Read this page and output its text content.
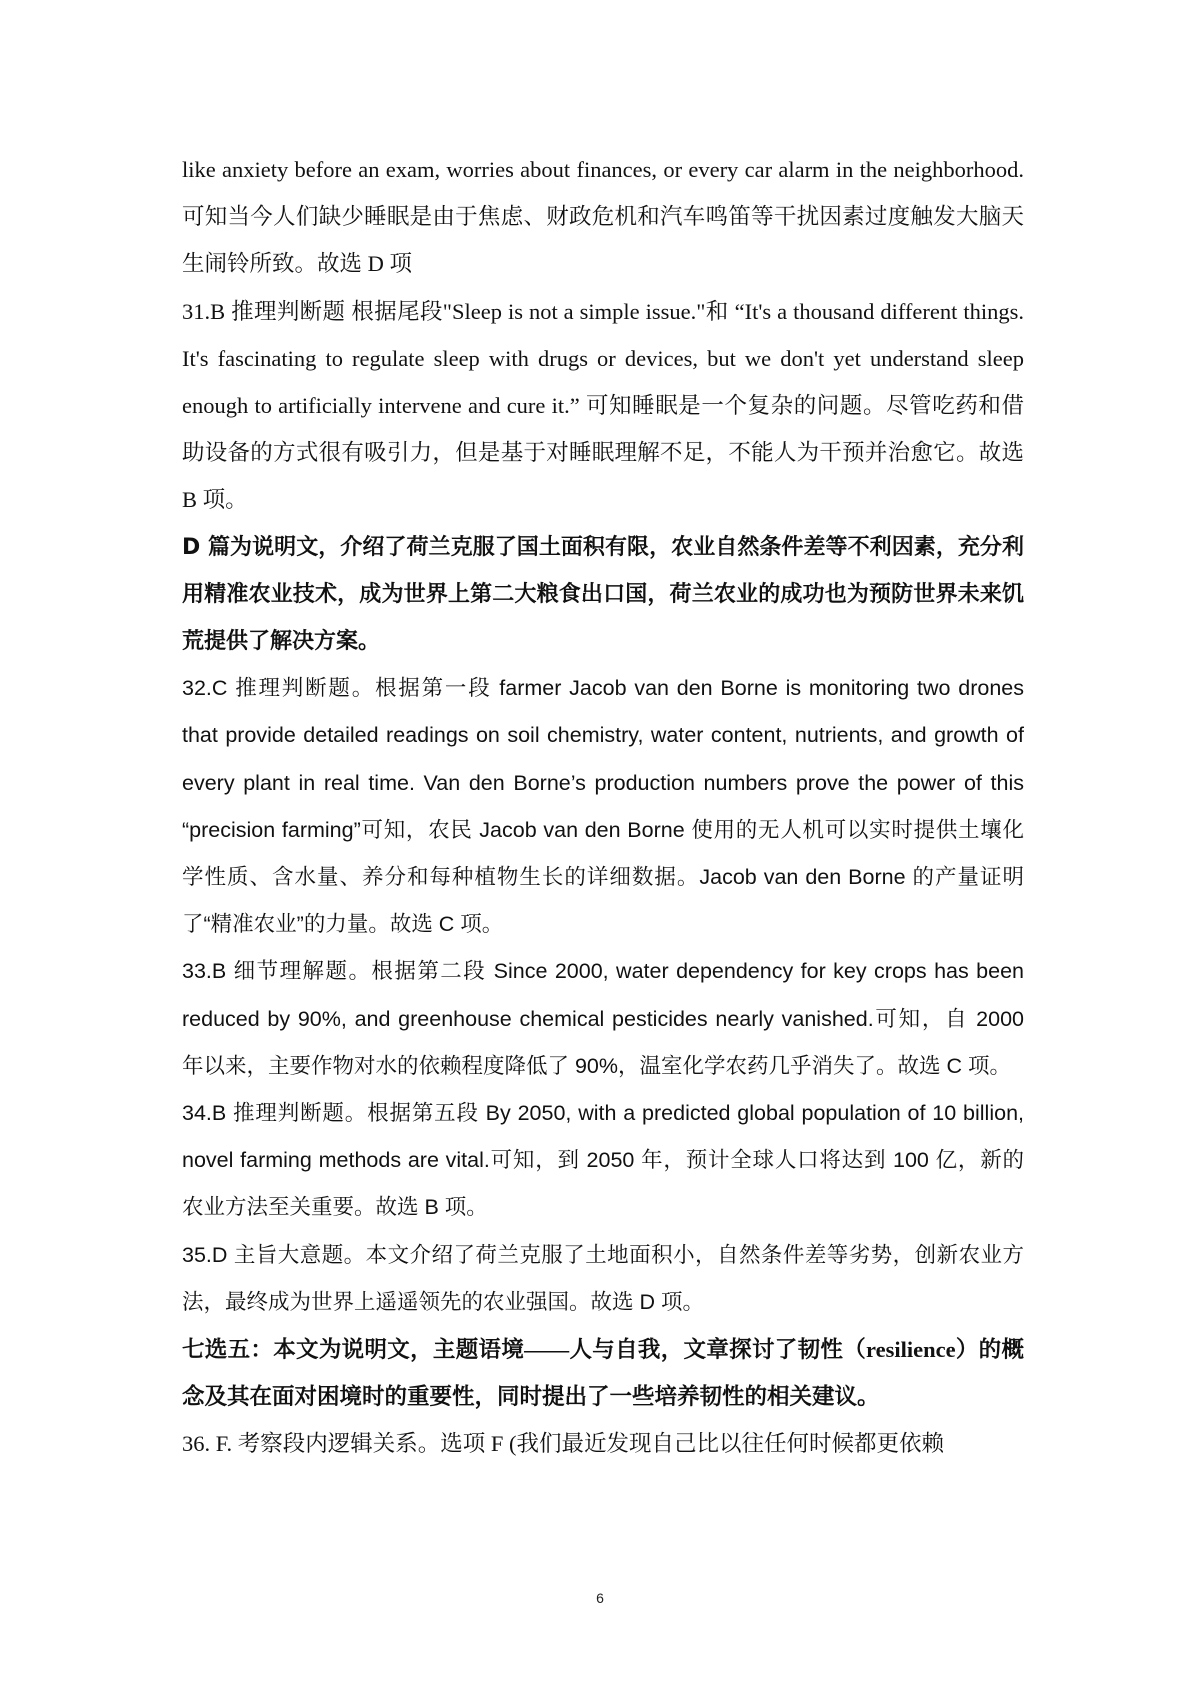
like anxiety before an exam, worries about finances, or every car alarm in the neighborhood.可知当今人们缺少睡眠是由于焦虑、财政危机和汽车鸣笛等干扰因素过度触发大脑天生闹铃所致。故选 D 项

31.B 推理判断题 根据尾段"Sleep is not a simple issue."和 “It's a thousand different things. It's fascinating to regulate sleep with drugs or devices, but we don't yet understand sleep enough to artificially intervene and cure it.” 可知睡眠是一个复杂的问题。尽管吃药和借助设备的方式很有吸引力，但是基于对睡眠理解不足，不能人为干预并治愈它。故选 B 项。

D 篇为说明文，介绍了荷兰克服了国土面积有限，农业自然条件差等不利因素，充分利用精准农业技术，成为世界上第二大粮食出口国，荷兰农业的成功也为预防世界未来饥荒提供了解决方案。

32.C 推理判断题。根据第一段 farmer Jacob van den Borne is monitoring two drones that provide detailed readings on soil chemistry, water content, nutrients, and growth of every plant in real time. Van den Borne’s production numbers prove the power of this “precision farming”可知，农民 Jacob van den Borne 使用的无人机可以实时提供土壤化学性质、含水量、养分和每种植物生长的详细数据。Jacob van den Borne 的产量证明了“精准农业”的力量。故选 C 项。

33.B 细节理解题。根据第二段 Since 2000, water dependency for key crops has been reduced by 90%, and greenhouse chemical pesticides nearly vanished.可知，自 2000 年以来，主要作物对水的依赖程度降低了 90%，温室化学农药几乎消失了。故选 C 项。

34.B 推理判断题。根据第五段 By 2050, with a predicted global population of 10 billion, novel farming methods are vital.可知，到 2050 年，预计全球人口将达到 100 亿，新的农业方法至关重要。故选 B 项。

35.D 主旨大意题。本文介绍了荷兰克服了土地面积小，自然条件差等劣势，创新农业方法，最终成为世界上遥遥领先的农业强国。故选 D 项。

七选五：本文为说明文，主题语境——人与自我，文章探讨了韧性（resilience）的概念及其在面对困境时的重要性，同时提出了一些培养韧性的相关建议。

36. F. 考察段内逻辑关系。选项 F (我们最近发现自己比以往任何时候都更依赖

6
